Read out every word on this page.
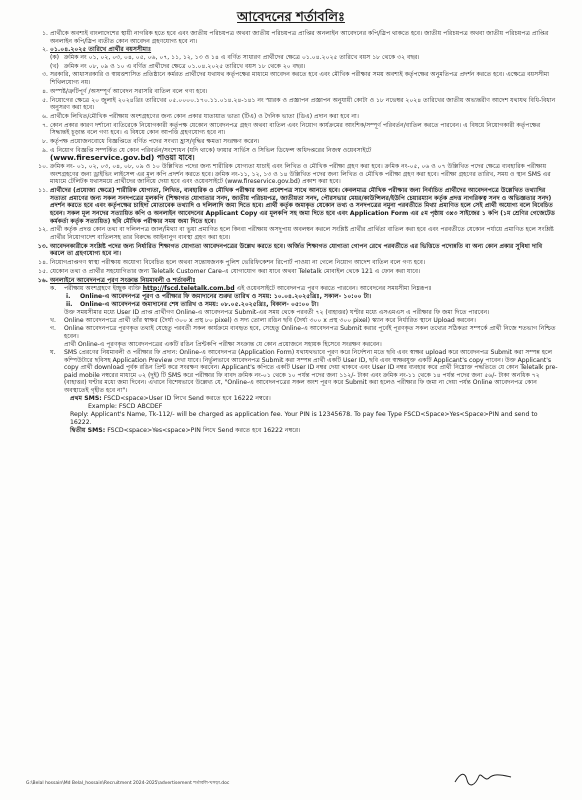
আবেদনের শর্তাবলিঃ
১. প্রার্থীকে অবশ্যই বাংলাদেশের স্থায়ী নাগরিক হতে হবে এবং জাতীয় পরিচয়পত্র অথবা জাতীয় পরিচয়পত্র প্রাপ্তির অনলাইন আবেদনের কপি/স্লিপ থাকতে হবে। জাতীয় পরিচয়পত্র অথবা জাতীয় পরিচয়পত্র প্রাপ্তির অনলাইন কপি/স্লিপ ব্যতীত কোন আবেদন গ্রহণযোগ্য হবে না।
২. ০১.০৪.২০২৫ তারিখে প্রার্থীর বয়সসীমাঃ
(ক) ক্রমিক নং ০১, ০২, ০৩, ০৪, ০৫, ০৬, ০৭, ১১, ১২, ১৩ ও ১৪ এ বর্ণিত সাধারণ প্রার্থীদের ক্ষেত্রে ০১.০৪.২০২৫ তারিখে বয়স ১৮ থেকে ৩২ বছর।
(খ) ক্রমিক নং ০৮, ০৯ ও ১০ এ বর্ণিত প্রার্থীদের ক্ষেত্রে ০১.০৪.২০২৫ তারিখে বয়স ১৮ থেকে ২০ বছর।
৩. সরকারি, আধাসরকারি ও স্বায়ত্তশাসিত প্রতিষ্ঠানে কর্মরত প্রার্থীদের যথাযথ কর্তৃপক্ষের মাধ্যমে আবেদন করতে হবে এবং মৌখিক পরীক্ষার সময় অবশ্যই কর্তৃপক্ষের অনুমতিপত্র প্রদর্শন করতে হবে। এক্ষেত্রে বয়সসীমা শিথিলযোগ্য নয়।
৪. অস্পষ্ট/ত্রুটিপূর্ণ /অসম্পূর্ণ আবেদন সরাসরি বাতিল বলে গণ্য হবে।
৫. নিয়োগের ক্ষেত্রে ২০ জুলাই ২০২৪খ্রিঃ তারিখের ০৫.০০০০.১৭০.১১.০১৪.২৪-১৪১ নং স্মারক ও প্রজ্ঞাপন প্রজ্ঞাপন অনুযায়ী কোটা ও ১৮ নভেম্বর ২০২৪ তারিখের জাতীয় অভ্যন্তরীণ আদেশ যথাযথ বিধি-বিধান অনুসরণ করা হবে।
৬. প্রার্থীকে লিখিত/মৌখিক পরীক্ষায় অংশগ্রহণের জন্য কোন প্রকার যাতায়াত ভাতা (টিএ) ও দৈনিক ভাতা (ডিএ) প্রদান করা হবে না।
৭. কোন প্রকার কারণ দর্শানো ব্যতিরেকে নিয়োগকারী কর্তৃপক্ষ যেকোন আবেদনপত্র গ্রহণ অথবা বাতিল এবং নিয়োগ কার্যক্রমের আংশিক/সম্পূর্ণ পরিবর্তন/বাতিল করতে পারবেন। এ বিষয়ে নিয়োগকারী কর্তৃপক্ষের সিদ্ধান্তই চূড়ান্ত বলে গণ্য হবে। এ বিষয়ে কোন আপত্তি গ্রহণযোগ্য হবে না।
৮. কর্তৃপক্ষ প্রয়োজনবোধে বিজ্ঞপ্তিতে বর্ণিত পদের সংখ্যা হ্রাস/বৃদ্ধির ক্ষমতা সংরক্ষণ করেন।
৯. এ নিয়োগ বিজ্ঞপ্তি সম্পর্কিত যে কোন পরিবর্তন/সংশোধন (যদি থাকে) ফায়ার সার্ভিস ও সিভিল ডিফেন্স অধিদপ্তরের নিজস্ব ওয়েবসাইটে
(www.fireservice.gov.bd) পাওয়া যাবে।
১০. ক্রমিক নং- ০১, ০২, ০৩, ০৪, ০৮, ০৯ ও ১০ উল্লিখিত পদের জন্য শারীরিক যোগ্যতা যাচাই এবং লিখিত ও মৌখিক পরীক্ষা গ্রহণ করা হবে। ক্রমিক নং-০৫, ০৬ ও ০৭ উল্লিখিত পদের ক্ষেত্রে ব্যবহারিক পরীক্ষায় অংশগ্রহণের জন্য ড্রাইভিং লাইসেন্স এর মূল কপি প্রদর্শন করতে হবে। ক্রমিক নং-১১, ১২, ১৩ ও ১৪ উল্লিখিত পদের জন্য লিখিত ও মৌখিক পরীক্ষা গ্রহণ করা হবে। পরীক্ষা গ্রহণের তারিখ, সময় ও স্থান SMS এর মাধ্যমে টেলিটক যথাসময়ে প্রার্থীদের জানিয়ে দেয়া হবে এবং ওয়েবসাইটে (www.fireservice.gov.bd) প্রকাশ করা হবে।
১১. প্রার্থীদের (প্রযোজ্য ক্ষেত্রে) শারীরিক যোগ্যতা, লিখিত, ব্যবহারিক ও মৌখিক পরীক্ষার জন্য প্রবেশপত্র সাথে আনতে হবে। কেবলমাত্র মৌখিক পরীক্ষার জন্য নির্বাচিত প্রার্থীদের আবেদনপত্রে উল্লেখিত তথ্যাদির সত্যতা প্রমাণের জন্য সকল সনদপত্রের মূলকপি (শিক্ষাগত যোগ্যতার সনদ, জাতীয় পরিচয়পত্র, জাতীয়তা সনদ, পৌরসভার মেয়র/কাউন্সিলর/ইউপি চেয়ারম্যান কর্তৃক প্রদত্ত নাগরিকত্ব সনদ ও অভিজ্ঞতার সনদ) প্রদর্শন করতে হবে এবং কর্তৃপক্ষের চাহিদা মোতাবেক তথ্যাদি ও দলিলাদি জমা দিতে হবে। প্রার্থী কর্তৃক জমাকৃত যেকোন তথ্য ও সনদপত্রের নমুনা পরবর্তীতে মিথ্যা প্রমাণিত হলে সেই প্রার্থী অযোগ্য বলে বিবেচিত হবেন। সকল মূল সনদের সত্যায়িত কপি ও অনলাইন আবেদনের Applicant Copy এর মূলকপি সহ জমা দিতে হবে এবং Application Form এর ৫ম পৃষ্ঠায় ৩x৩ সাইজের ১ কপি (১ম শ্রেণির গেজেটেড কর্মকর্তা কর্তৃক সত্যায়িত) ছবি মৌখিক পরীক্ষার সময় জমা দিতে হবে।
১২. প্রার্থী কর্তৃক প্রদত্ত কোন তথ্য বা দলিলপত্র জাল/মিথ্যা বা ভুয়া প্রমাণিত হলে কিংবা পরীক্ষায় অসদুপায় অবলম্বন করলে সংশ্লিষ্ট প্রার্থীর প্রার্থিতা বাতিল করা হবে এবং পরবর্তীতে যেকোন পর্যায়ে প্রমাণিত হলে সংশ্লিষ্ট প্রার্থীর নিয়োগাদেশ বাতিলসহ তার বিরুদ্ধে আইনানুগ ব্যবস্থা গ্রহণ করা হবে।
১৩. আবেদনকারীকে সংশ্লিষ্ট পদের জন্য নির্ধারিত শিক্ষাগত যোগ্যতা আবেদনপত্রের উল্লেখ করতে হবে। অর্জিত শিক্ষাগত যোগ্যতা গোপন রেখে পরবর্তীতে এর ভিত্তিতে পদোন্নতি বা অন্য কোন প্রকার সুবিধা দাবি করলে তা গ্রহণযোগ্য হবে না।
১৪. নিয়োগপ্রাপ্তগণ স্বাস্থ্য পরীক্ষায় অযোগ্য বিবেচিত হলে অথবা সন্তোষজনক পুলিশ ভেরিফিকেশন রিপোর্ট পাওয়া না গেলে নিয়োগ আদেশ বাতিল বলে গণ্য হবে।
১৫. যেকোন তথ্য ও প্রার্থীর সহযোগিতার জন্য Teletalk Customer Care-এ যোগাযোগ করা যাবে অথবা Teletalk মোবাইল থেকে 121 এ ফোন করা যাবে।
১৬. অনলাইনে আবেদনপত্র পূরণ সংক্রান্ত নিয়মাবলী ও শর্তাবলীঃ
ক. পরীক্ষায় অংশগ্রহণে ইচ্ছুক ব্যক্তি http://fscd.teletalk.com.bd এই ওয়েবসাইটে আবেদনপত্র পূরণ করতে পারবেন। আবেদনের সময়সীমা নিম্নরূপঃ
i. Online-এ আবেদনপত্র পূরণ ও পরীক্ষার ফি জমাদানের শুরুর তারিখ ও সময়: ১০.০৪.২০২৫খ্রিঃ, সকাল- ১০:০০ টা।
ii. Online-এ আবেদনপত্র জমাদানের শেষ তারিখ ও সময়: ০৮.০৫.২০২৫খ্রিঃ, বিকাল- ০৫:০০ টা।
উক্ত সময়সীমার মধ্যে User ID প্রাপ্ত প্রার্থীগণ Online-এ আবেদনপত্র Submit-এর সময় থেকে পরবর্তী ৭২ (বাহাত্তর) ঘণ্টার মধ্যে এসএমএস এ পরীক্ষার ফি জমা দিতে পারবেন।
খ. Online আবেদনপত্রে প্রার্থী তাঁর স্বাক্ষর (দৈর্ঘ্য ৩০০ x প্রস্থ ৮০ pixel) ও সদ্য তোলা রঙিন ছবি (দৈর্ঘ্য ৩০০ x প্রস্থ ৩০০ pixel) স্ক্যান করে নির্ধারিত স্থানে Upload করবেন।
গ. Online আবেদনপত্রে পূরণকৃত তথ্যই যেহেতু পরবর্তী সকল কার্যক্রমে ব্যবহৃত হবে, সেহেতু Online-এ আবেদনপত্র Submit করার পূর্বেই পূরণকৃত সকল তথ্যের সঠিকতা সম্পর্কে প্রার্থী নিজে শতভাগ নিশ্চিত হবেন।
প্রার্থী Online-এ পূরণকৃত আবেদনপত্রের একটি রঙিন প্রিন্টকপি পরীক্ষা সংক্রান্ত যে কোন প্রয়োজনে সহায়ক হিসেবে সংরক্ষণ করবেন।
ঘ. SMS প্রেরণের নিয়মাবলী ও পরীক্ষার ফি প্রদান: Online-এ আবেদনপত্র (Application Form) যথাযথভাবে পূরণ করে নির্দেশনা মতে ছবি এবং স্বাক্ষর upload করে আবেদনপত্র Submit করা সম্পন্ন হলে কম্পিউটারে ছবিসহ Application Preview দেখা যাবে। নির্ভুলভাবে আবেদনপত্র Submit করা সম্পন্ন প্রার্থী একটি User ID, ছবি এবং স্বাক্ষরযুক্ত একটি Applicant's copy পাবেন। উক্ত Applicant's copy প্রার্থী download পূর্বক রঙিন প্রিন্ট করে সংরক্ষণ করবেন। Applicant's কপিতে একটি User ID নম্বর দেয়া থাকবে এবং User ID নম্বর ব্যবহার করে প্রার্থী নিম্নোক্ত পদ্ধতিতে যে কোন Teletalk pre-paid mobile নম্বরের মাধ্যমে ০২ (দুই) টি SMS করে পরীক্ষার ফি বাবদ ক্রমিক নং-০১ থেকে ১০ পর্যন্ত পদের জন্য ১১২/- টাকা এবং ক্রমিক নং-১১ থেকে ১৪ পর্যন্ত পদের জন্য ৫৬/- টাকা অনধিক ৭২ (বাহাত্তর) ঘণ্টার মধ্যে জমা দিবেন। এখানে বিশেষভাবে উল্লেখ্য যে, "Online-এ আবেদনপত্রের সকল অংশ পূরণ করে Submit করা হলেও পরীক্ষার ফি জমা না দেয়া পর্যন্ত Online আবেদনপত্র কোন অবস্থাতেই গৃহীত হবে না"।
প্রথম SMS: FSCD<space>User ID লিখে Send করতে হবে 16222 নম্বরে।
Example: FSCD ABCDEF
Reply: Applicant's Name, Tk-112/- will be charged as application fee. Your PIN is 12345678. To pay fee Type FSCD<Space>Yes<Space>PIN and send to 16222.
দ্বিতীয় SMS: FSCD<space>Yes<space>PIN লিখে Send করতে হবে 16222 নম্বরে।
G:\Belal hossain\Md Belal_hossain\Recruitment 2024-2025\advertisement শর্তাবলি-খসড়া.doc
